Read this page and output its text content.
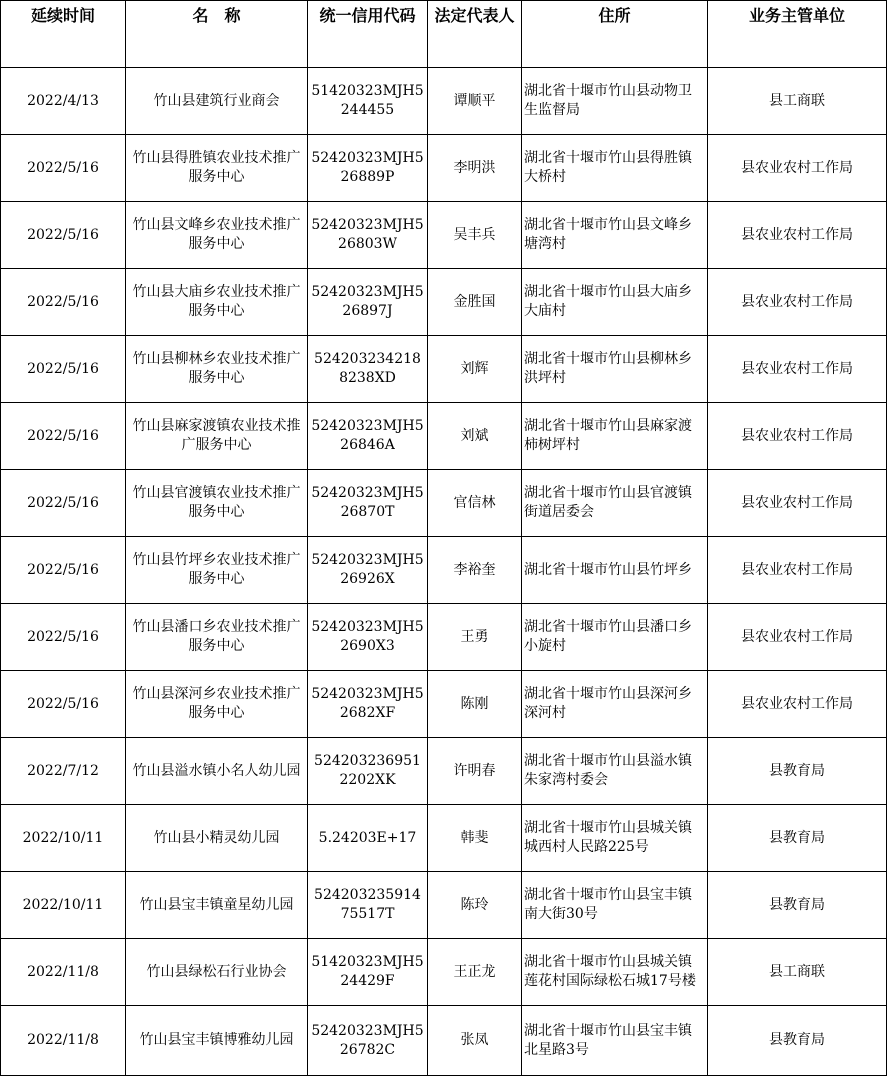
延续时间	名　称	统一信用代码	法定代表人	住所	业务主管单位
2022/4/13	竹山县建筑行业商会	51420323MJH5244455	谭顺平	湖北省十堰市竹山县动物卫生监督局	县工商联
2022/5/16	竹山县得胜镇农业技术推广服务中心	52420323MJH526889P	李明洪	湖北省十堰市竹山县得胜镇大桥村	县农业农村工作局
2022/5/16	竹山县文峰乡农业技术推广服务中心	52420323MJH526803W	吴丰兵	湖北省十堰市竹山县文峰乡塘湾村	县农业农村工作局
2022/5/16	竹山县大庙乡农业技术推广服务中心	52420323MJH526897J	金胜国	湖北省十堰市竹山县大庙乡大庙村	县农业农村工作局
2022/5/16	竹山县柳林乡农业技术推广服务中心	5242032342188238XD	刘辉	湖北省十堰市竹山县柳林乡洪坪村	县农业农村工作局
2022/5/16	竹山县麻家渡镇农业技术推广服务中心	52420323MJH526846A	刘斌	湖北省十堰市竹山县麻家渡柿树坪村	县农业农村工作局
2022/5/16	竹山县官渡镇农业技术推广服务中心	52420323MJH526870T	官信林	湖北省十堰市竹山县官渡镇街道居委会	县农业农村工作局
2022/5/16	竹山县竹坪乡农业技术推广服务中心	52420323MJH526926X	李裕奎	湖北省十堰市竹山县竹坪乡	县农业农村工作局
2022/5/16	竹山县潘口乡农业技术推广服务中心	52420323MJH52690X3	王勇	湖北省十堰市竹山县潘口乡小旋村	县农业农村工作局
2022/5/16	竹山县深河乡农业技术推广服务中心	52420323MJH52682XF	陈刚	湖北省十堰市竹山县深河乡深河村	县农业农村工作局
2022/7/12	竹山县溢水镇小名人幼儿园	5242032369512202XK	许明春	湖北省十堰市竹山县溢水镇朱家湾村委会	县教育局
2022/10/11	竹山县小精灵幼儿园	5.24203E+17	韩斐	湖北省十堰市竹山县城关镇城西村人民路225号	县教育局
2022/10/11	竹山县宝丰镇童星幼儿园	52420323591475517T	陈玲	湖北省十堰市竹山县宝丰镇南大街30号	县教育局
2022/11/8	竹山县绿松石行业协会	51420323MJH524429F	王正龙	湖北省十堰市竹山县城关镇莲花村国际绿松石城17号楼	县工商联
2022/11/8	竹山县宝丰镇博雅幼儿园	52420323MJH526782C	张凤	湖北省十堰市竹山县宝丰镇北星路3号	县教育局
